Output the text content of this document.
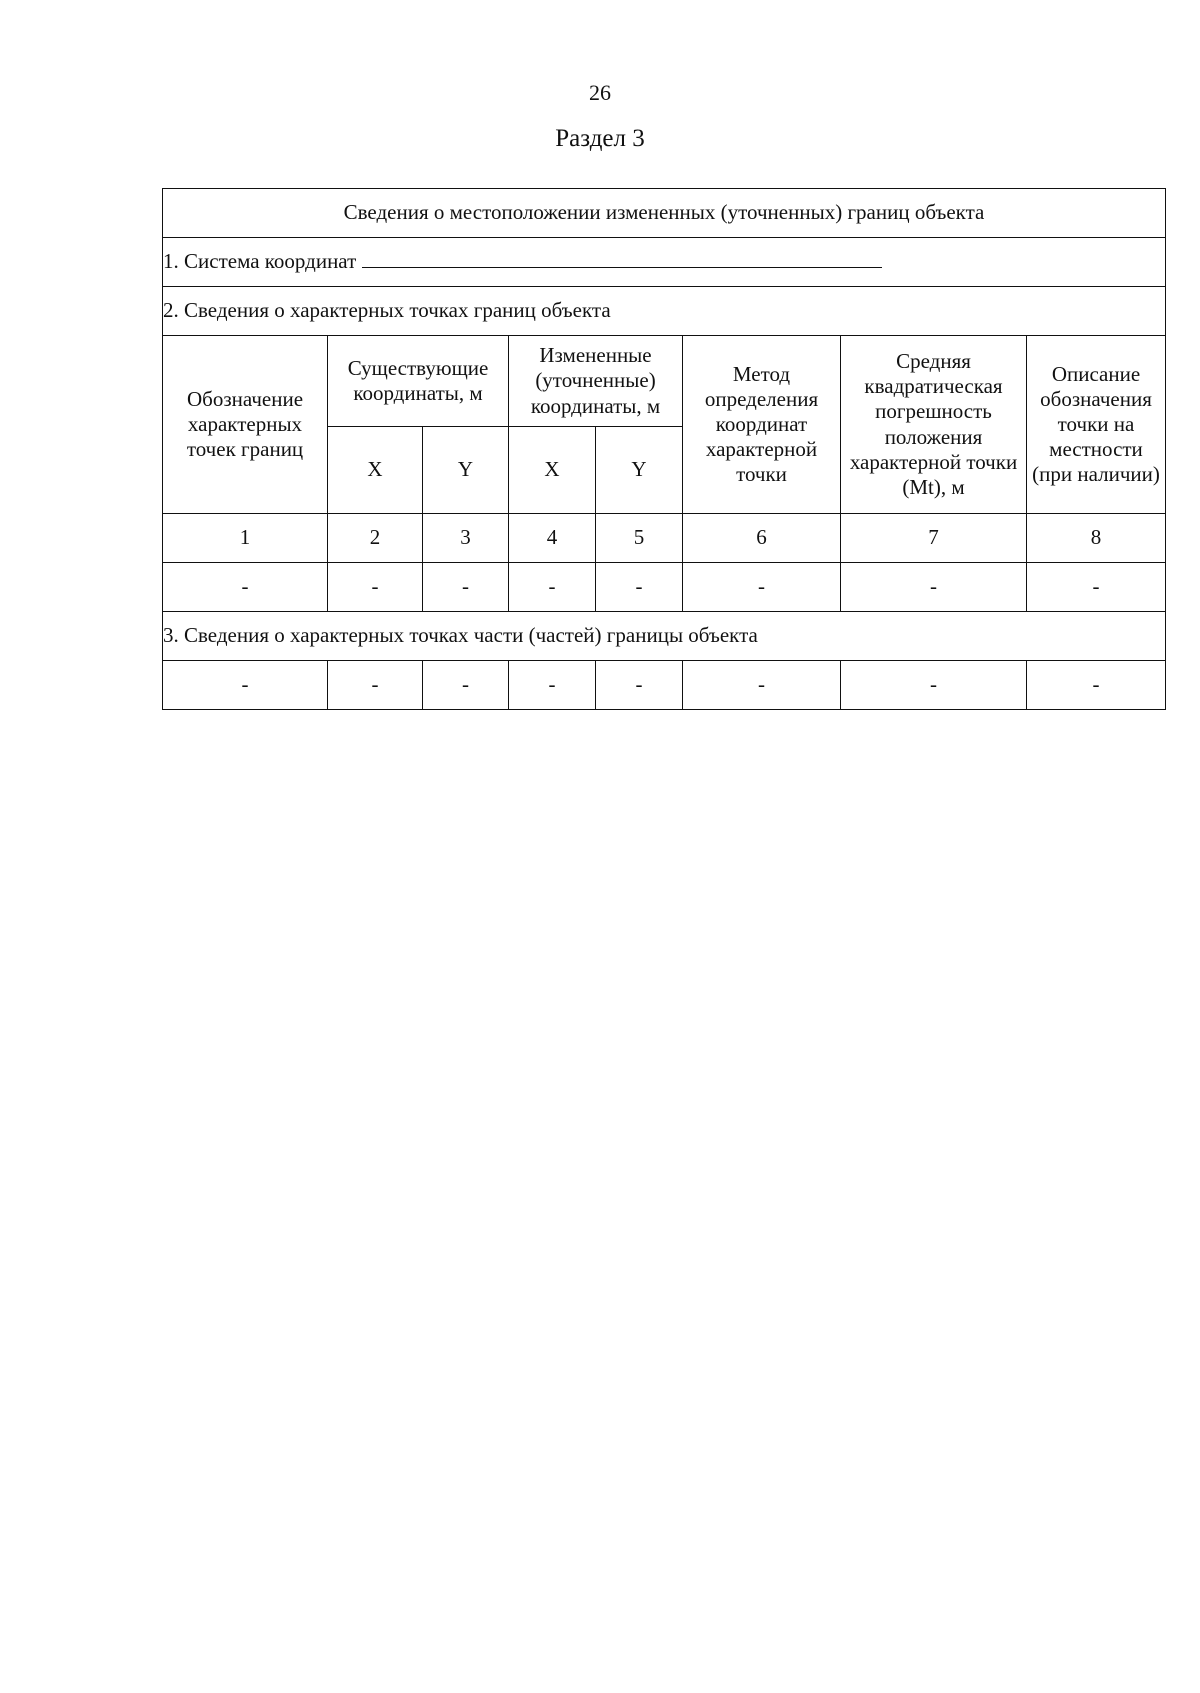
26
Раздел 3
Сведения о местоположении измененных (уточненных) границ объекта							
1. Система координат							
2. Сведения о характерных точках границ объекта							
Обозначение характерных точек границ	Существующие координаты, м		Измененные (уточненные) координаты, м		Метод определения координат характерной точки	Средняя квадратическая погрешность положения характерной точки (Mt), м	Описание обозначения точки на местности (при наличии)
	X	Y	X	Y			
1	2	3	4	5	6	7	8
-	-	-	-	-	-	-	-
3. Сведения о характерных точках части (частей) границы объекта							
-	-	-	-	-	-	-	-
